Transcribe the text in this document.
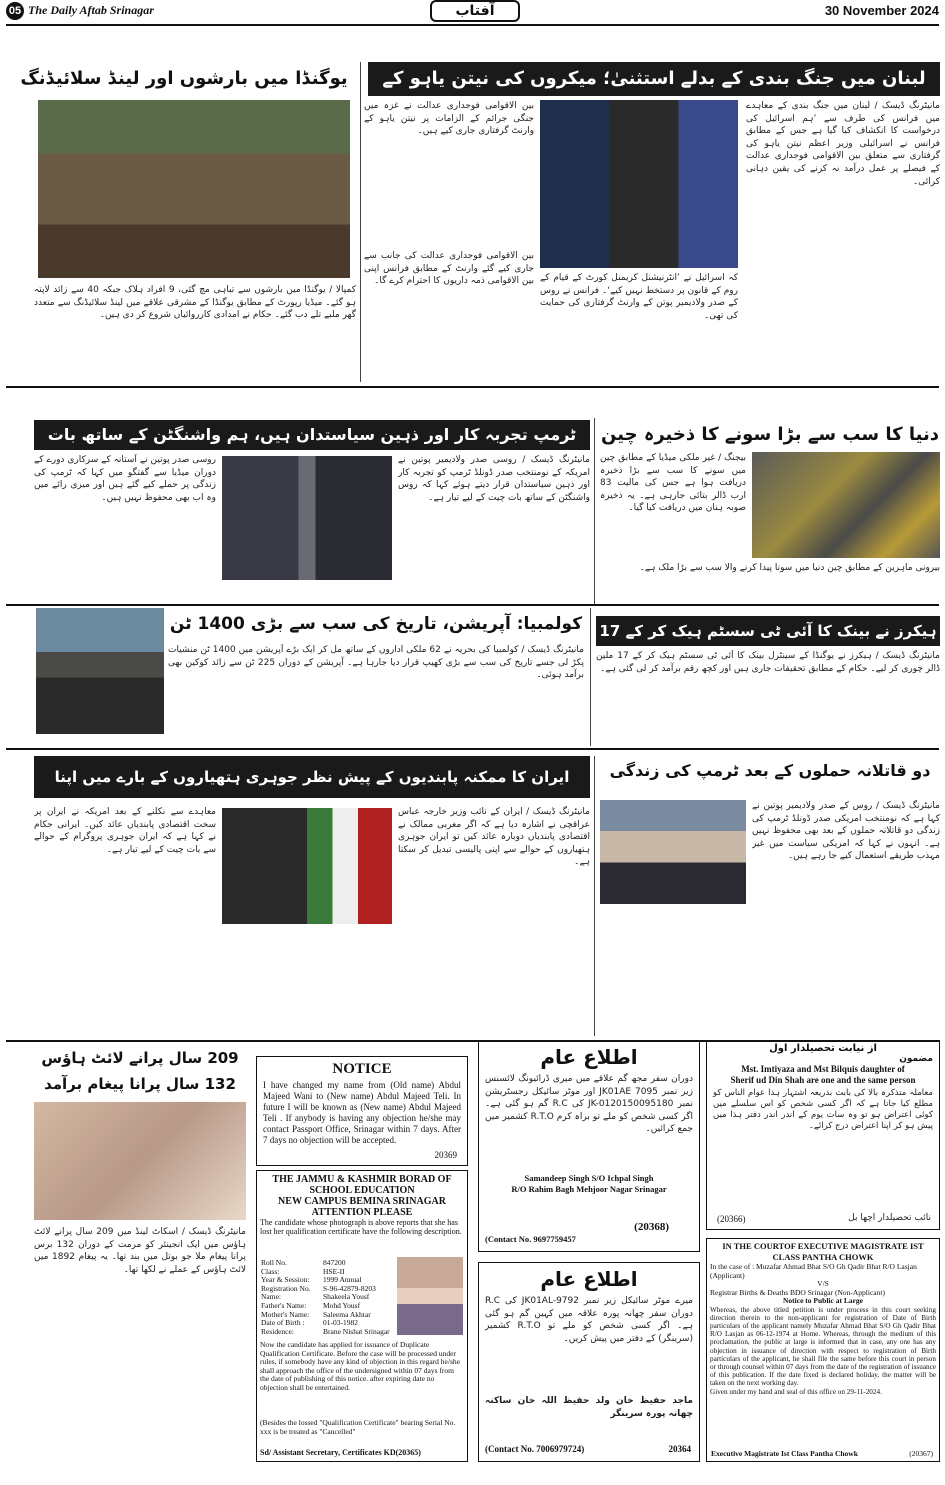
05 The Daily Aftab Srinagar	آفتاب	30 November 2024
لبنان میں جنگ بندی کے بدلے استثنیٰ؛ میکروں کی نیتن یاہو کے
مانیٹرنگ ڈیسک / لبنان میں جنگ بندی کے معاہدے میں فرانس کی طرف سے ’ہم اسرائیل کی درخواست کا انکشاف کیا گیا ہے جس کے مطابق فرانس نے اسرائیلی وزیر اعظم نیتن یاہو کی گرفتاری سے متعلق بین الاقوامی فوجداری عدالت کے فیصلے پر عمل درآمد نہ کرنے کی یقین دہانی کرائی۔
کہ اسرائیل نے ’انٹرنیشنل کریمنل کورٹ کے قیام کے روم کے قانون پر دستخط نہیں کیے‘۔ فرانس نے روس کے صدر ولادیمیر پوتن کے وارنٹ گرفتاری کی حمایت کی تھی۔
بین الاقوامی فوجداری عدالت نے غزہ میں جنگی جرائم کے الزامات پر نیتن یاہو کے وارنٹ گرفتاری جاری کیے ہیں۔
بین الاقوامی فوجداری عدالت کی جانب سے جاری کیے گئے وارنٹ کے مطابق فرانس اپنی بین الاقوامی ذمہ داریوں کا احترام کرے گا۔
یوگنڈا میں بارشوں اور لینڈ سلائیڈنگ
کمپالا / یوگنڈا میں بارشوں سے تباہی مچ گئی، 9 افراد ہلاک جبکہ 40 سے زائد لاپتہ ہو گئے۔ میڈیا رپورٹ کے مطابق یوگنڈا کے مشرقی علاقے میں لینڈ سلائیڈنگ سے متعدد گھر ملبے تلے دب گئے۔ حکام نے امدادی کارروائیاں شروع کر دی ہیں۔
دنیا کا سب سے بڑا سونے کا ذخیرہ چین
بیجنگ / غیر ملکی میڈیا کے مطابق چین میں سونے کا سب سے بڑا ذخیرہ دریافت ہوا ہے جس کی مالیت 83 ارب ڈالر بتائی جارہی ہے۔ یہ ذخیرہ صوبہ ہنان میں دریافت کیا گیا۔
بیرونی ماہرین کے مطابق چین دنیا میں سونا پیدا کرنے والا سب سے بڑا ملک ہے۔
ٹرمپ تجربہ کار اور ذہین سیاستدان ہیں، ہم واشنگٹن کے ساتھ بات
مانیٹرنگ ڈیسک / روسی صدر ولادیمیر پوتین نے امریکہ کے نومنتخب صدر ڈونلڈ ٹرمپ کو تجربہ کار اور ذہین سیاستدان قرار دیتے ہوئے کہا کہ روس واشنگٹن کے ساتھ بات چیت کے لیے تیار ہے۔
روسی صدر پوتین نے آستانہ کے سرکاری دورے کے دوران میڈیا سے گفتگو میں کہا کہ ٹرمپ کی زندگی پر حملے کیے گئے ہیں اور میری رائے میں وہ اب بھی محفوظ نہیں ہیں۔
کولمبیا: آپریشن، تاریخ کی سب سے بڑی 1400 ٹن
مانیٹرنگ ڈیسک / کولمبیا کی بحریہ نے 62 ملکی اداروں کے ساتھ مل کر ایک بڑے آپریشن میں 1400 ٹن منشیات پکڑ لی جسے تاریخ کی سب سے بڑی کھیپ قرار دیا جارہا ہے۔ آپریشن کے دوران 225 ٹن سے زائد کوکین بھی برآمد ہوئی۔
ہیکرز نے بینک کا آئی ٹی سسٹم ہیک کر کے 17
مانیٹرنگ ڈیسک / ہیکرز نے یوگنڈا کے سینٹرل بینک کا آئی ٹی سسٹم ہیک کر کے 17 ملین ڈالر چوری کر لیے۔ حکام کے مطابق تحقیقات جاری ہیں اور کچھ رقم برآمد کر لی گئی ہے۔
ایران کا ممکنہ پابندیوں کے پیش نظر جوہری ہتھیاروں کے بارے میں اپنا
مانیٹرنگ ڈیسک / ایران کے نائب وزیر خارجہ عباس عراقچی نے اشارہ دیا ہے کہ اگر مغربی ممالک نے اقتصادی پابندیاں دوبارہ عائد کیں تو ایران جوہری ہتھیاروں کے حوالے سے اپنی پالیسی تبدیل کر سکتا ہے۔
معاہدے سے نکلنے کے بعد امریکہ نے ایران پر سخت اقتصادی پابندیاں عائد کیں۔ ایرانی حکام نے کہا ہے کہ ایران جوہری پروگرام کے حوالے سے بات چیت کے لیے تیار ہے۔
دو قاتلانہ حملوں کے بعد ٹرمپ کی زندگی
مانیٹرنگ ڈیسک / روس کے صدر ولادیمیر پوتین نے کہا ہے کہ نومنتخب امریکی صدر ڈونلڈ ٹرمپ کی زندگی دو قاتلانہ حملوں کے بعد بھی محفوظ نہیں ہے۔ انہوں نے کہا کہ امریکی سیاست میں غیر مہذب طریقے استعمال کیے جا رہے ہیں۔
209 سال پرانے لائٹ ہاؤس
132 سال پرانا پیغام برآمد
مانیٹرنگ ڈیسک / اسکاٹ لینڈ میں 209 سال پرانے لائٹ ہاؤس میں ایک انجینئر کو مرمت کے دوران 132 برس پرانا پیغام ملا جو بوتل میں بند تھا۔ یہ پیغام 1892 میں لائٹ ہاؤس کے عملے نے لکھا تھا۔
NOTICE
I have changed my name from (Old name) Abdul Majeed Wani to (New name) Abdul Majeed Teli. In future I will be known as (New name) Abdul Majeed Teli . If anybody is having any objection he/she may contact Passport Office, Srinagar within 7 days. After 7 days no objection will be accepted.
20369
THE JAMMU & KASHMIR BORAD OF
SCHOOL EDUCATION
NEW CAMPUS BEMINA SRINAGAR
ATTENTION PLEASE
The candidate whose photograph is above reports that she has lost her qualification certificate have the following description.
Roll No.	847200
Class:	HSE-II
Year & Session:	1999 Annual
Registration No.	S-96-42879-8203
Name:	Shakeela Yousf
Father's Name:	Mohd Yousf
Mother's Name:	Saleema Akhtar
Date of Birth :	01-03-1982
Residence:	Brane Nishat Srinagar
Now the candidate has applied for issuance of Duplicate Qualification Certificate. Before the case will be processed under rules, if somebody have any kind of objection in this regard he/she shall approach the office of the undersigned within 07 days from the date of publishing of this notice. after expiring date no objection shall be entertained.
(Besides the lossed "Qualification Certificate" bearing Serial No. xxx is be treated as "Cancelled"
Sd/ Assistant Secretary, Certificates KD(20365)
اطلاع عام
دوران سفر مجھ گم علاقے میں میری ڈرائیونگ لائسنس زیر نمبر JK01AE 7095 اور موٹر سائیکل رجسٹریشن نمبر JK-0120150095180 کی R.C گم ہو گئی ہے۔ اگر کسی شخص کو ملے تو براہ کرم R.T.O کشمیر میں جمع کرائیں۔
Samandeep Singh S/O Ichpal Singh
R/O Rahim Bagh Mehjoor Nagar Srinagar
(Contact No. 9697759457
(20368)
اطلاع عام
میرے موٹر سائیکل زیر نمبر JK01AL-9792 کی R.C دوران سفر چھانہ پورہ علاقہ میں کہیں گم ہو گئی ہے۔ اگر کسی شخص کو ملے تو R.T.O کشمیر (سرینگر) کے دفتر میں پیش کریں۔
ماجد حفیظ خان ولد حفیظ اللہ خان ساکنہ چھانہ پورہ سرینگر
(Contact No. 7006979724)	20364
از نیابت تحصیلدار اول
مضمون
Mst. Imtiyaza and Mst Bilquis daughter of
Sherif ud Din Shah are one and the same person
معاملہ متذکرہ بالا کی بابت بذریعہ اشتہار ہذا عوام الناس کو مطلع کیا جاتا ہے کہ اگر کسی شخص کو اس سلسلے میں کوئی اعتراض ہو تو وہ سات یوم کے اندر اندر دفتر ہذا میں پیش ہو کر اپنا اعتراض درج کرائے۔
نائب تحصیلدار اچھا بل
(20366)
IN THE COURTOF EXECUTIVE MAGISTRATE IST
CLASS PANTHA CHOWK
In the case of : Muzafar Ahmad Bhat S/O Gh Qadir Bhat R/O Lasjan (Applicant)
V/S
Registrar Births & Deaths BDO Srinagar (Non-Applicant)
Notice to Public at Large
Whereas, the above titled petition is under process in this court seeking direction therein to the non-applicant for registration of Date of Birth particulars of the applicant namely Muzafar Ahmad Bhat S/O Gh Qadir Bhat R/O Lasjan as 06-12-1974 at Home. Whereas, through the medium of this proclamation, the public at large is informed that in case, any one has any objection in issuance of direction with respect to registration of Birth particulars of the applicant, he shall file the same before this court in person or through counsel within 07 days from the date of the registration of issuance of this publication. If the date fixed is declared holiday, the matter will be taken on the next working day.
Given under my hand and seal of this office on 29-11-2024.
Executive Magistrate Ist Class Pantha Chowk	(20367)
